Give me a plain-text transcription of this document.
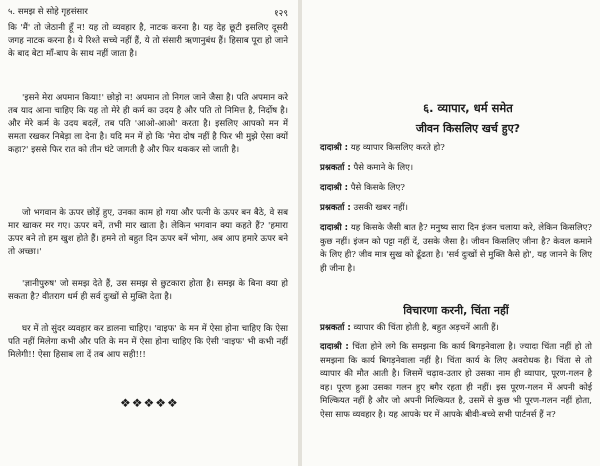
५. समझ से सोहे गृहसंसार	१२९

कि 'मैं' तो जेठानी हूँ न! यह तो व्यवहार है, नाटक करना है। यह देह छूटी इसलिए दूसरी जगह नाटक करना है। ये रिश्ते सच्चे नहीं हैं, ये तो संसारी ऋणानुबंध हैं। हिसाब पूरा हो जाने के बाद बेटा माँ-बाप के साथ नहीं जाता है।

'इसने मेरा अपमान किया!' छोड़ो न! अपमान तो निगल जाने जैसा है। पति अपमान करे तब याद आना चाहिए कि यह तो मेरे ही कर्म का उदय है और पति तो निमित्त है, निर्दोष है। और मेरे कर्म के उदय बदलें, तब पति 'आओ-आओ' करता है। इसलिए आपको मन में समता रखकर निबेड़ा ला देना है। यदि मन में हो कि 'मेरा दोष नहीं है फिर भी मुझे ऐसा क्यों कहा?' इससे फिर रात को तीन घंटे जागती है और फिर थककर सो जाती है।

जो भगवान के ऊपर छोड़ें हुए, उनका काम हो गया और पत्नी के ऊपर बन बैठे, वे सब मार खाकर मर गए। ऊपर बनें, तभी मार खाता है। लेकिन भगवान क्या कहते हैं? 'हमारा ऊपर बने तो हम खुश होते हैं। हमने तो बहुत दिन ऊपर बनें भोगा, अब आप हमारे ऊपर बने तो अच्छा।'

'ज्ञानीपुरुष' जो समझ देते हैं, उस समझ से छुटकारा होता है। समझ के बिना क्या हो सकता है? वीतराग धर्म ही सर्व दुःखों से मुक्ति देता है।

घर में तो सुंदर व्यवहार कर डालना चाहिए। 'वाइफ' के मन में ऐसा होना चाहिए कि ऐसा पति नहीं मिलेगा कभी और पति के मन में ऐसा होना चाहिए कि ऐसी 'वाइफ' भी कभी नहीं मिलेगी!! ऐसा हिसाब ला दें तब आप सही!!!

❖❖❖❖❖
६. व्यापार, धर्म समेत
जीवन किसलिए खर्च हुए?
दादाश्री : यह व्यापार किसलिए करते हो?
प्रश्नकर्ता : पैसे कमाने के लिए।
दादाश्री : पैसे किसके लिए?
प्रश्नकर्ता : उसकी खबर नहीं।
दादाश्री : यह किसके जैसी बात है? मनुष्य सारा दिन इंजन चलाया करे, लेकिन किसलिए? कुछ नहीं। इंजन को पट्टा नहीं दें, उसके जैसा है। जीवन किसलिए जीना है? केवल कमाने के लिए ही? जीव मात्र सुख को ढूँढता है। 'सर्व दुःखों से मुक्ति कैसे हो', यह जानने के लिए ही जीना है।
विचारणा करनी, चिंता नहीं
प्रश्नकर्ता : व्यापार की चिंता होती है, बहुत अड़चनें आती हैं।
दादाश्री : चिंता होने लगे कि समझना कि कार्य बिगड़नेवाला है। ज्यादा चिंता नहीं हो तो समझना कि कार्य बिगड़नेवाला नहीं है। चिंता कार्य के लिए अवरोधक है। चिंता से तो व्यापार की मौत आती है। जिसमें चढ़ाव-उतार हो उसका नाम ही व्यापार, पूरण-गलन है वह। पूरण हुआ उसका गलन हुए बगैर रहता ही नहीं। इस पूरण-गलन में अपनी कोई मिल्कियत नहीं है और जो अपनी मिल्कियत है, उसमें से कुछ भी पूरण-गलन नहीं होता, ऐसा साफ व्यवहार है। यह आपके घर में आपके बीवी-बच्चे सभी पार्टनर्स हैं न?
